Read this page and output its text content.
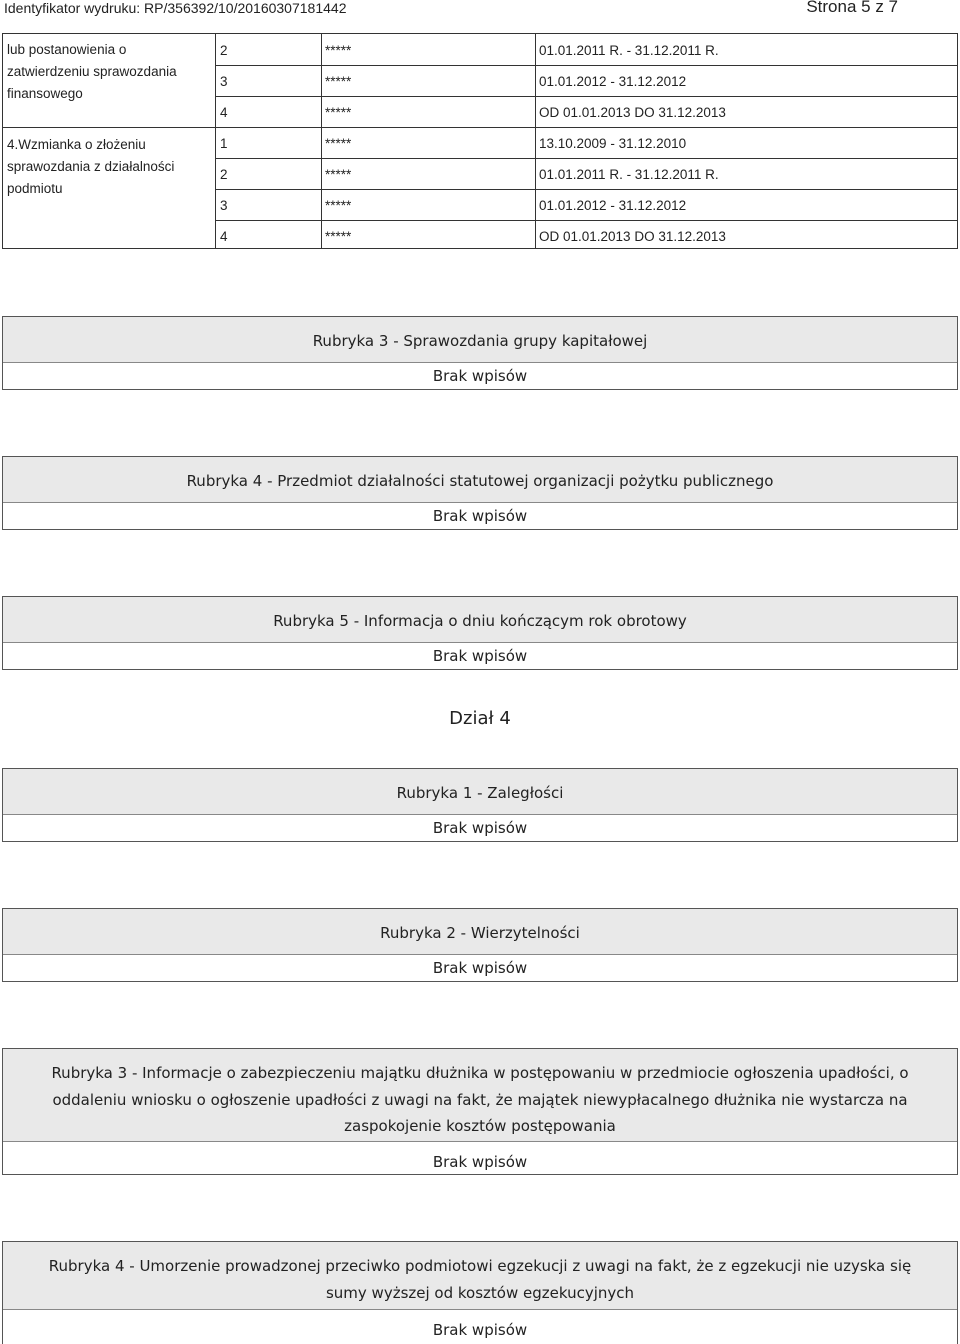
Identyfikator wydruku: RP/356392/10/20160307181442	Strona 5 z 7
lub postanowienia o
zatwierdzeniu sprawozdania
finansowego
2	*****	01.01.2011 R. - 31.12.2011 R.
3	*****	01.01.2012 - 31.12.2012
4	*****	OD 01.01.2013 DO 31.12.2013
4.Wzmianka o złożeniu
sprawozdania z działalności
podmiotu
1	*****	13.10.2009 - 31.12.2010
2	*****	01.01.2011 R. - 31.12.2011 R.
3	*****	01.01.2012 - 31.12.2012
4	*****	OD 01.01.2013 DO 31.12.2013
Rubryka 3 - Sprawozdania grupy kapitałowej
Brak wpisów
Rubryka 4 - Przedmiot działalności statutowej organizacji pożytku publicznego
Brak wpisów
Rubryka 5 - Informacja o dniu kończącym rok obrotowy
Brak wpisów
Dział 4
Rubryka 1 - Zaległości
Brak wpisów
Rubryka 2 - Wierzytelności
Brak wpisów
Rubryka 3 - Informacje o zabezpieczeniu majątku dłużnika w postępowaniu w przedmiocie ogłoszenia upadłości, o
oddaleniu wniosku o ogłoszenie upadłości z uwagi na fakt, że majątek niewypłacalnego dłużnika nie wystarcza na
zaspokojenie kosztów postępowania
Brak wpisów
Rubryka 4 - Umorzenie prowadzonej przeciwko podmiotowi egzekucji z uwagi na fakt, że z egzekucji nie uzyska się
sumy wyższej od kosztów egzekucyjnych
Brak wpisów
